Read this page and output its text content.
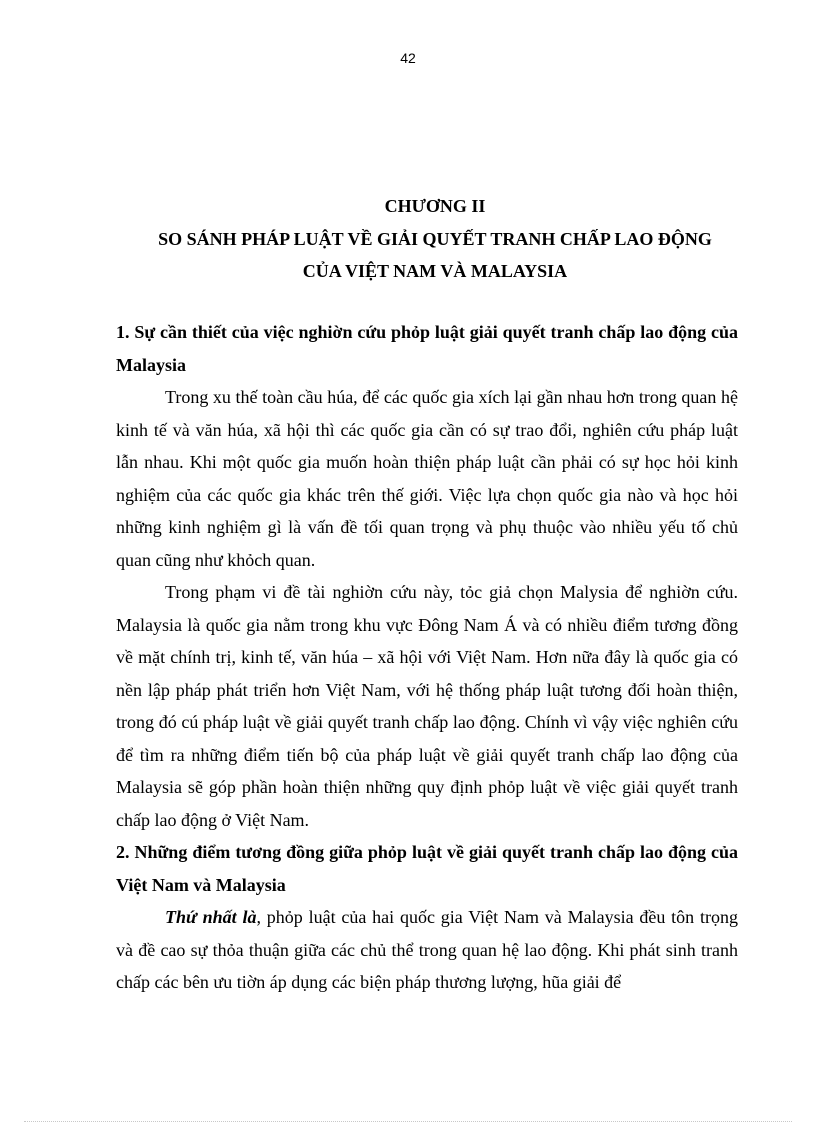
42
CHƯƠNG II
SO SÁNH PHÁP LUẬT VỀ GIẢI QUYẾT TRANH CHẤP LAO ĐỘNG
CỦA VIỆT NAM VÀ MALAYSIA
1. Sự cần thiết của việc nghiờn cứu phỏp luật giải quyết tranh chấp lao động của Malaysia

Trong xu thế toàn cầu húa, để các quốc gia xích lại gần nhau hơn trong quan hệ kinh tế và văn húa, xã hội thì các quốc gia cần có sự trao đổi, nghiên cứu pháp luật lẫn nhau. Khi một quốc gia muốn hoàn thiện pháp luật cần phải có sự học hỏi kinh nghiệm của các quốc gia khác trên thế giới. Việc lựa chọn quốc gia nào và học hỏi những kinh nghiệm gì là vấn đề tối quan trọng và phụ thuộc vào nhiều yếu tố chủ quan cũng như khỏch quan.

Trong phạm vi đề tài nghiờn cứu này, tỏc giả chọn Malysia để nghiờn cứu. Malaysia là quốc gia nằm trong khu vực Đông Nam Á và có nhiều điểm tương đồng về mặt chính trị, kinh tế, văn húa – xã hội với Việt Nam. Hơn nữa đây là quốc gia có nền lập pháp phát triển hơn Việt Nam, với hệ thống pháp luật tương đối hoàn thiện, trong đó cú pháp luật về giải quyết tranh chấp lao động. Chính vì vậy việc nghiên cứu để tìm ra những điểm tiến bộ của pháp luật về giải quyết tranh chấp lao động của Malaysia sẽ góp phần hoàn thiện những quy định phỏp luật về việc giải quyết tranh chấp lao động ở Việt Nam.

2. Những điểm tương đồng giữa phỏp luật về giải quyết tranh chấp lao động của Việt Nam và Malaysia

Thứ nhất là, phỏp luật của hai quốc gia Việt Nam và Malaysia đều tôn trọng và đề cao sự thỏa thuận giữa các chủ thể trong quan hệ lao động. Khi phát sinh tranh chấp các bên ưu tiờn áp dụng các biện pháp thương lượng, hũa giải để
